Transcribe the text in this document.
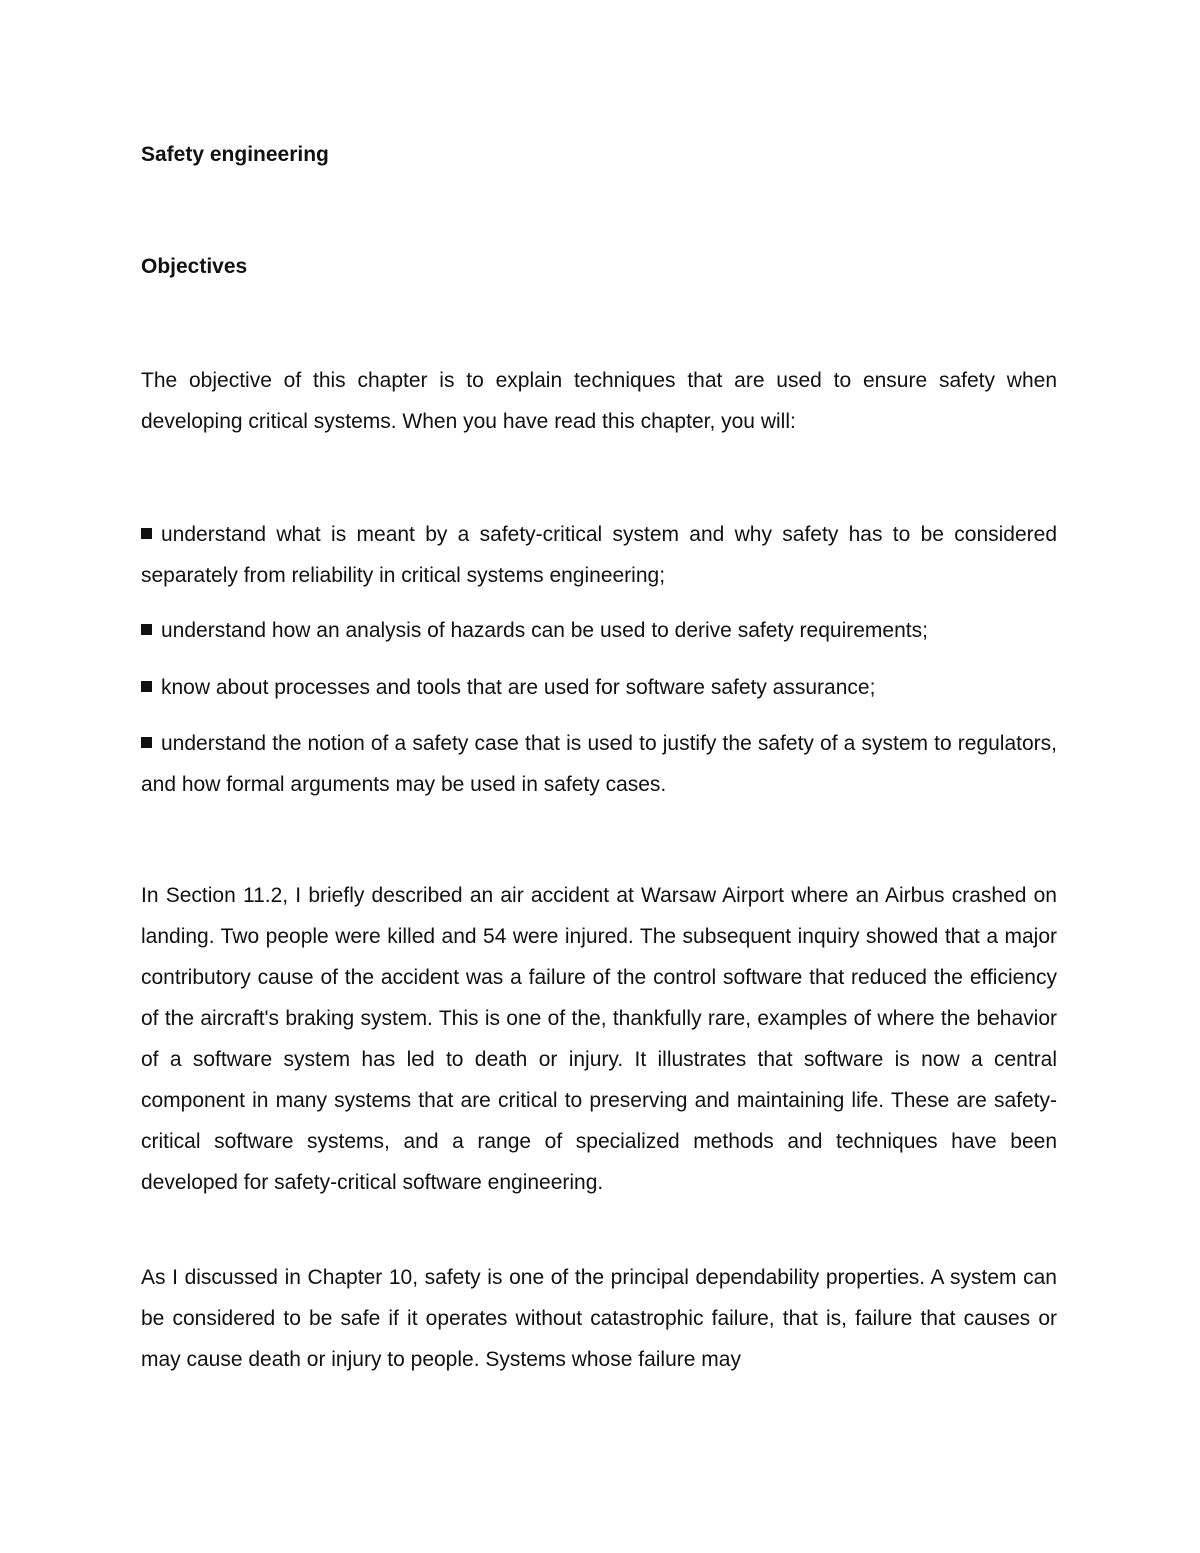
Safety engineering
Objectives

The objective of this chapter is to explain techniques that are used to ensure safety when developing critical systems. When you have read this chapter, you will:

understand what is meant by a safety-critical system and why safety has to be considered separately from reliability in critical systems engineering;

understand how an analysis of hazards can be used to derive safety requirements;

know about processes and tools that are used for software safety assurance;

understand the notion of a safety case that is used to justify the safety of a system to regulators, and how formal arguments may be used in safety cases.

In Section 11.2, I briefly described an air accident at Warsaw Airport where an Airbus crashed on landing. Two people were killed and 54 were injured. The subsequent inquiry showed that a major contributory cause of the accident was a failure of the control software that reduced the efficiency of the aircraft's braking system. This is one of the, thankfully rare, examples of where the behavior of a software system has led to death or injury. It illustrates that software is now a central component in many systems that are critical to preserving and maintaining life. These are safety-critical software systems, and a range of specialized methods and techniques have been developed for safety-critical software engineering.

As I discussed in Chapter 10, safety is one of the principal dependability properties. A system can be considered to be safe if it operates without catastrophic failure, that is, failure that causes or may cause death or injury to people. Systems whose failure may
